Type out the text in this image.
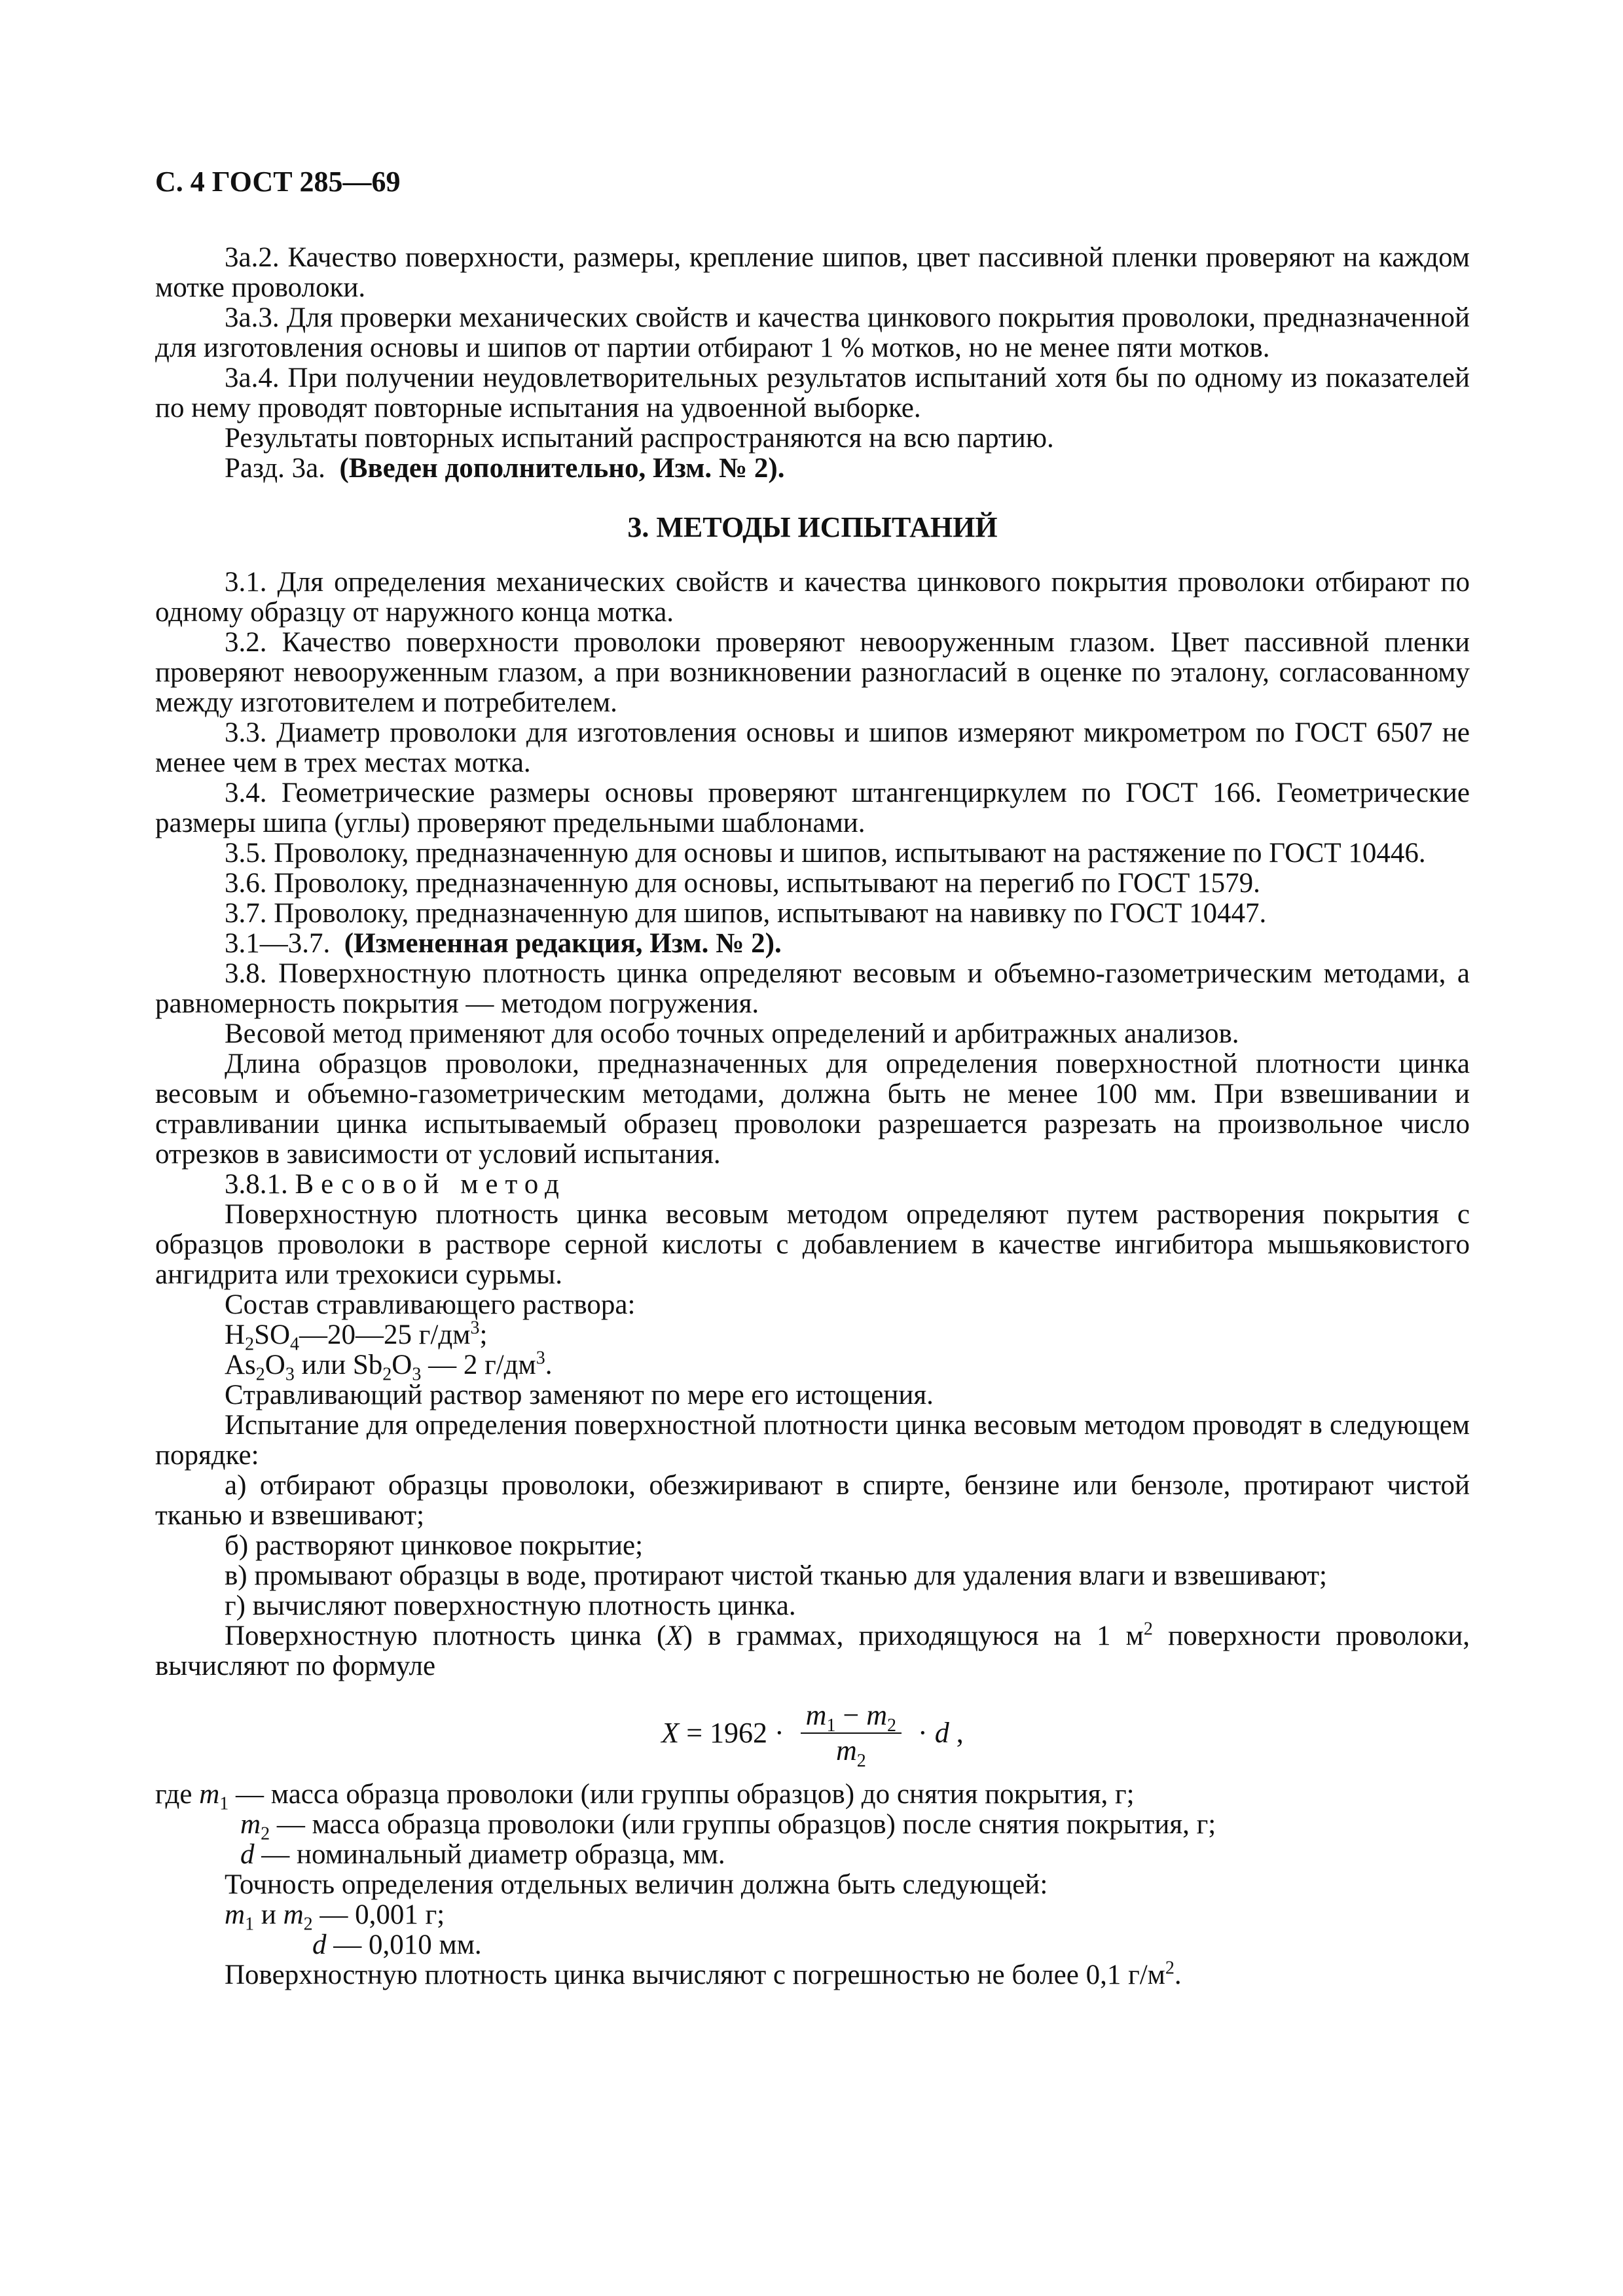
С. 4 ГОСТ 285—69

3а.2. Качество поверхности, размеры, крепление шипов, цвет пассивной пленки проверяют на каждом мотке проволоки.

3а.3. Для проверки механических свойств и качества цинкового покрытия проволоки, предназначенной для изготовления основы и шипов от партии отбирают 1 % мотков, но не менее пяти мотков.

3а.4. При получении неудовлетворительных результатов испытаний хотя бы по одному из показателей по нему проводят повторные испытания на удвоенной выборке.

Результаты повторных испытаний распространяются на всю партию.

Разд. 3а. (Введен дополнительно, Изм. № 2).

3. МЕТОДЫ ИСПЫТАНИЙ

3.1. Для определения механических свойств и качества цинкового покрытия проволоки отбирают по одному образцу от наружного конца мотка.

3.2. Качество поверхности проволоки проверяют невооруженным глазом. Цвет пассивной пленки проверяют невооруженным глазом, а при возникновении разногласий в оценке по эталону, согласованному между изготовителем и потребителем.

3.3. Диаметр проволоки для изготовления основы и шипов измеряют микрометром по ГОСТ 6507 не менее чем в трех местах мотка.

3.4. Геометрические размеры основы проверяют штангенциркулем по ГОСТ 166. Геометрические размеры шипа (углы) проверяют предельными шаблонами.

3.5. Проволоку, предназначенную для основы и шипов, испытывают на растяжение по ГОСТ 10446.

3.6. Проволоку, предназначенную для основы, испытывают на перегиб по ГОСТ 1579.

3.7. Проволоку, предназначенную для шипов, испытывают на навивку по ГОСТ 10447.

3.1—3.7. (Измененная редакция, Изм. № 2).

3.8. Поверхностную плотность цинка определяют весовым и объемно-газометрическим методами, а равномерность покрытия — методом погружения.

Весовой метод применяют для особо точных определений и арбитражных анализов.

Длина образцов проволоки, предназначенных для определения поверхностной плотности цинка весовым и объемно-газометрическим методами, должна быть не менее 100 мм. При взвешивании и стравливании цинка испытываемый образец проволоки разрешается разрезать на произвольное число отрезков в зависимости от условий испытания.

3.8.1. Весовой метод

Поверхностную плотность цинка весовым методом определяют путем растворения покрытия с образцов проволоки в растворе серной кислоты с добавлением в качестве ингибитора мышьяковистого ангидрита или трехокиси сурьмы.

Состав стравливающего раствора:

$H_2SO_4—20—25$ $г/дм^3$;

$As_2O_3$ или $Sb_2O_3$ — 2 $г/дм^3$.

Стравливающий раствор заменяют по мере его истощения.

Испытание для определения поверхностной плотности цинка весовым методом проводят в следующем порядке:

а) отбирают образцы проволоки, обезжиривают в спирте, бензине или бензоле, протирают чистой тканью и взвешивают;

б) растворяют цинковое покрытие;

в) промывают образцы в воде, протирают чистой тканью для удаления влаги и взвешивают;

г) вычисляют поверхностную плотность цинка.

Поверхностную плотность цинка (X) в граммах, приходящуюся на 1 $м^2$ поверхности проволоки, вычисляют по формуле

$X = 1962 \cdot \frac{m_1 - m_2}{m_2} \cdot d$ ,

где $m_1$ — масса образца проволоки (или группы образцов) до снятия покрытия, г;

$m_2$ — масса образца проволоки (или группы образцов) после снятия покрытия, г;

d — номинальный диаметр образца, мм.

Точность определения отдельных величин должна быть следующей:

$m_1$ и $m_2$ — 0,001 г;

d — 0,010 мм.

Поверхностную плотность цинка вычисляют с погрешностью не более 0,1 $г/м^2$.
